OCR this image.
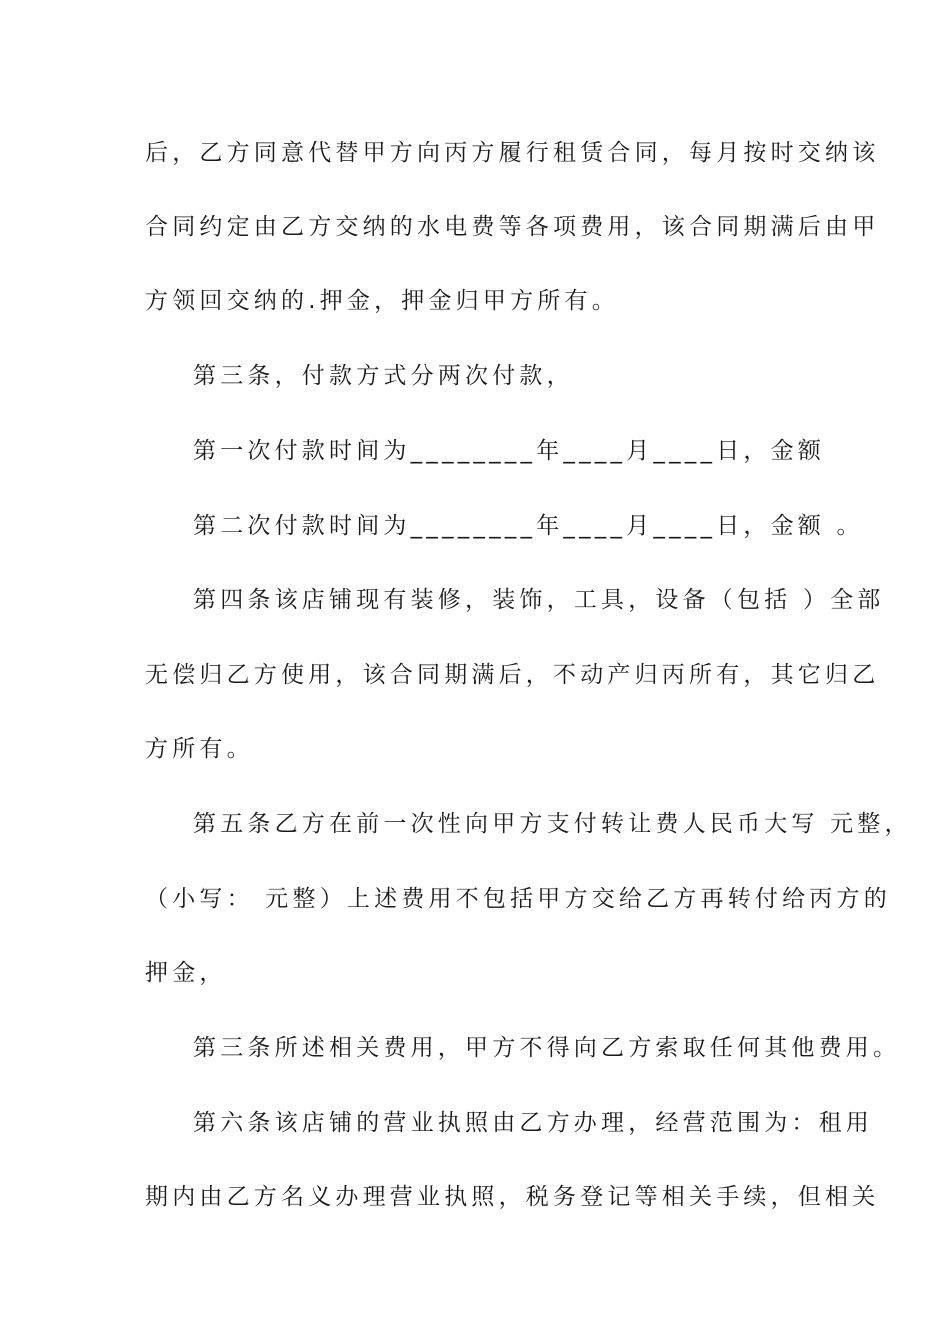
后，乙方同意代替甲方向丙方履行租赁合同，每月按时交纳该
合同约定由乙方交纳的水电费等各项费用，该合同期满后由甲
方领回交纳的.押金，押金归甲方所有。
第三条，付款方式分两次付款，
第一次付款时间为________年____月____日，金额
第二次付款时间为________年____月____日，金额 。
第四条该店铺现有装修，装饰，工具，设备（包括 ）全部
无偿归乙方使用，该合同期满后，不动产归丙所有，其它归乙
方所有。
第五条乙方在前一次性向甲方支付转让费人民币大写 元整，
（小写： 元整）上述费用不包括甲方交给乙方再转付给丙方的
押金，
第三条所述相关费用，甲方不得向乙方索取任何其他费用。
第六条该店铺的营业执照由乙方办理，经营范围为：租用
期内由乙方名义办理营业执照，税务登记等相关手续，但相关
